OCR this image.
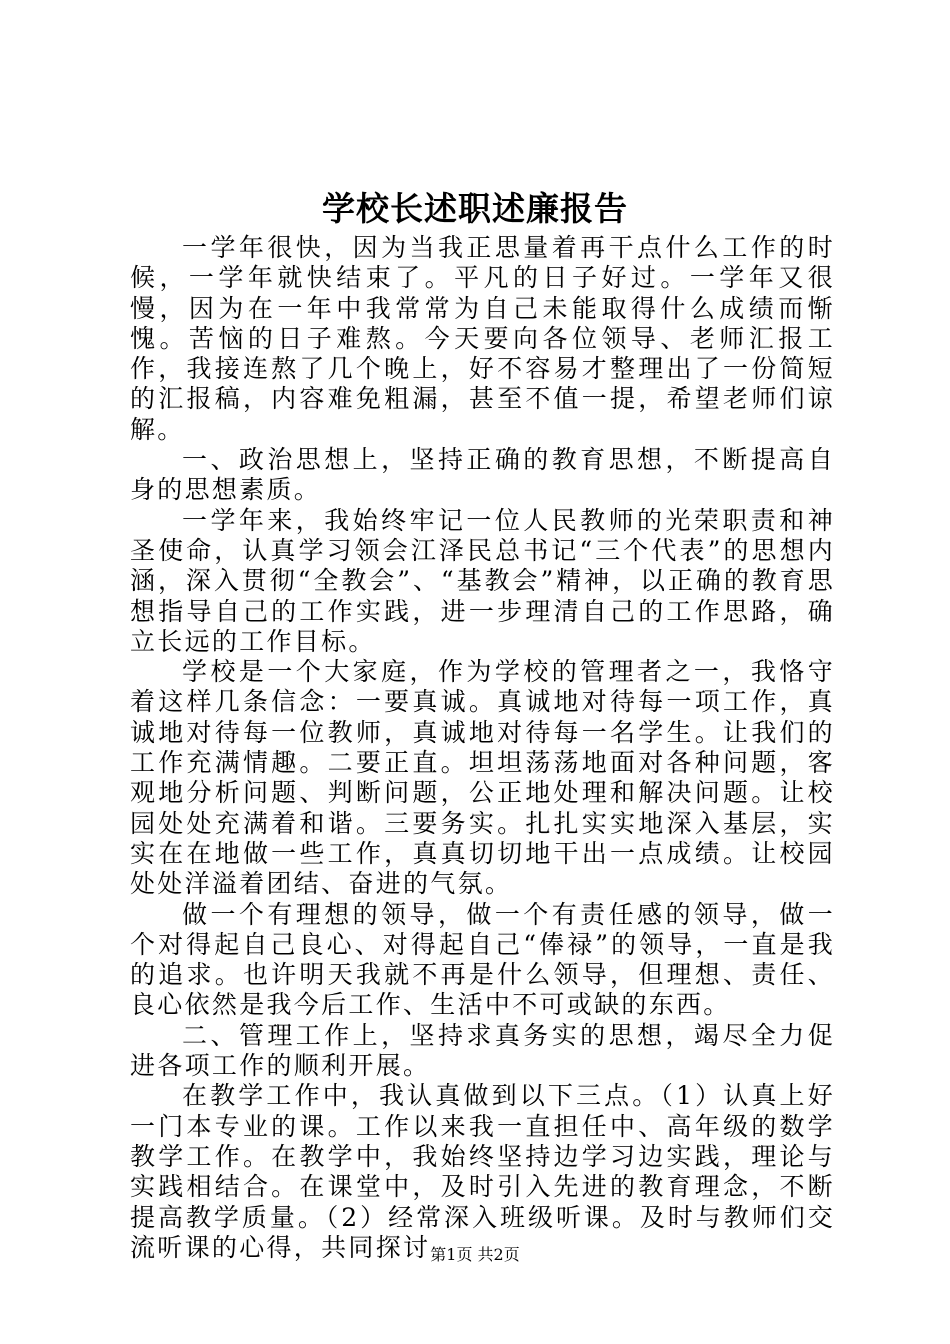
学校长述职述廉报告

一学年很快，因为当我正思量着再干点什么工作的时候，一学年就快结束了。平凡的日子好过。一学年又很慢，因为在一年中我常常为自己未能取得什么成绩而惭愧。苦恼的日子难熬。今天要向各位领导、老师汇报工作，我接连熬了几个晚上，好不容易才整理出了一份简短的汇报稿，内容难免粗漏，甚至不值一提，希望老师们谅解。

一、政治思想上，坚持正确的教育思想，不断提高自身的思想素质。

一学年来，我始终牢记一位人民教师的光荣职责和神圣使命，认真学习领会江泽民总书记“三个代表”的思想内涵，深入贯彻“全教会”、“基教会”精神，以正确的教育思想指导自己的工作实践，进一步理清自己的工作思路，确立长远的工作目标。

学校是一个大家庭，作为学校的管理者之一，我恪守着这样几条信念：一要真诚。真诚地对待每一项工作，真诚地对待每一位教师，真诚地对待每一名学生。让我们的工作充满情趣。二要正直。坦坦荡荡地面对各种问题，客观地分析问题、判断问题，公正地处理和解决问题。让校园处处充满着和谐。三要务实。扎扎实实地深入基层，实实在在地做一些工作，真真切切地干出一点成绩。让校园处处洋溢着团结、奋进的气氛。

做一个有理想的领导，做一个有责任感的领导，做一个对得起自己良心、对得起自己“俸禄”的领导，一直是我的追求。也许明天我就不再是什么领导，但理想、责任、良心依然是我今后工作、生活中不可或缺的东西。

二、管理工作上，坚持求真务实的思想，竭尽全力促进各项工作的顺利开展。

在教学工作中，我认真做到以下三点。（1）认真上好一门本专业的课。工作以来我一直担任中、高年级的数学教学工作。在教学中，我始终坚持边学习边实践，理论与实践相结合。在课堂中，及时引入先进的教育理念，不断提高教学质量。（2）经常深入班级听课。及时与教师们交流听课的心得，共同探讨 第1页 共2页
